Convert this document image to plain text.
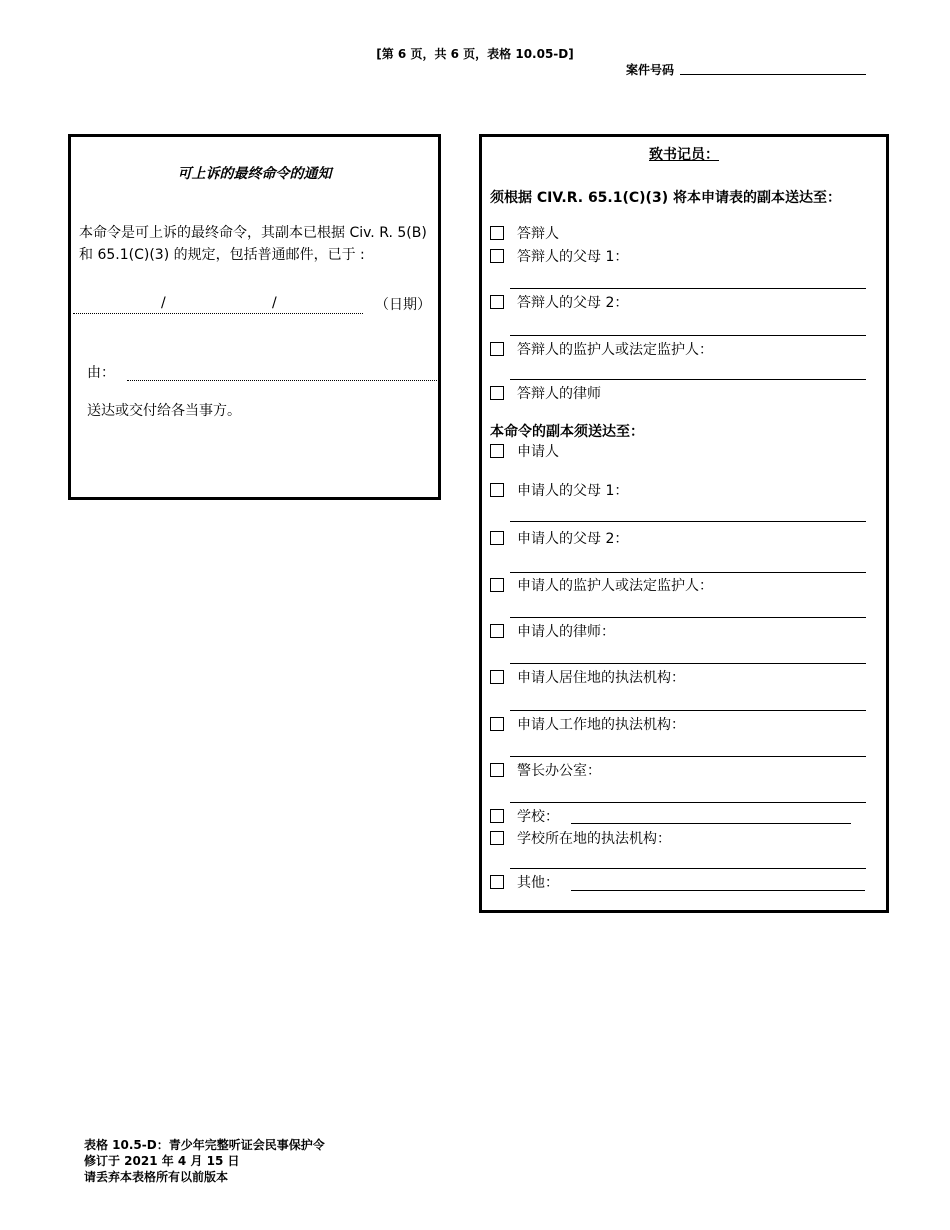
[第 6 页，共 6 页，表格 10.05-D]
案件号码
可上诉的最终命令的通知
本命令是可上诉的最终命令，其副本已根据 Civ. R. 5(B) 和 65.1(C)(3) 的规定，包括普通邮件，已于 :
/	/	（日期）
由：
送达或交付给各当事方。
致书记员：
须根据 CIV.R. 65.1(C)(3) 将本申请表的副本送达至：
答辩人
答辩人的父母 1：
答辩人的父母 2：
答辩人的监护人或法定监护人：
答辩人的律师
本命令的副本须送达至：
申请人
申请人的父母 1：
申请人的父母 2：
申请人的监护人或法定监护人：
申请人的律师：
申请人居住地的执法机构：
申请人工作地的执法机构：
警长办公室：
学校：
学校所在地的执法机构：
其他：
表格 10.5-D：青少年完整听证会民事保护令
修订于 2021 年 4 月 15 日
请丢弃本表格所有以前版本
